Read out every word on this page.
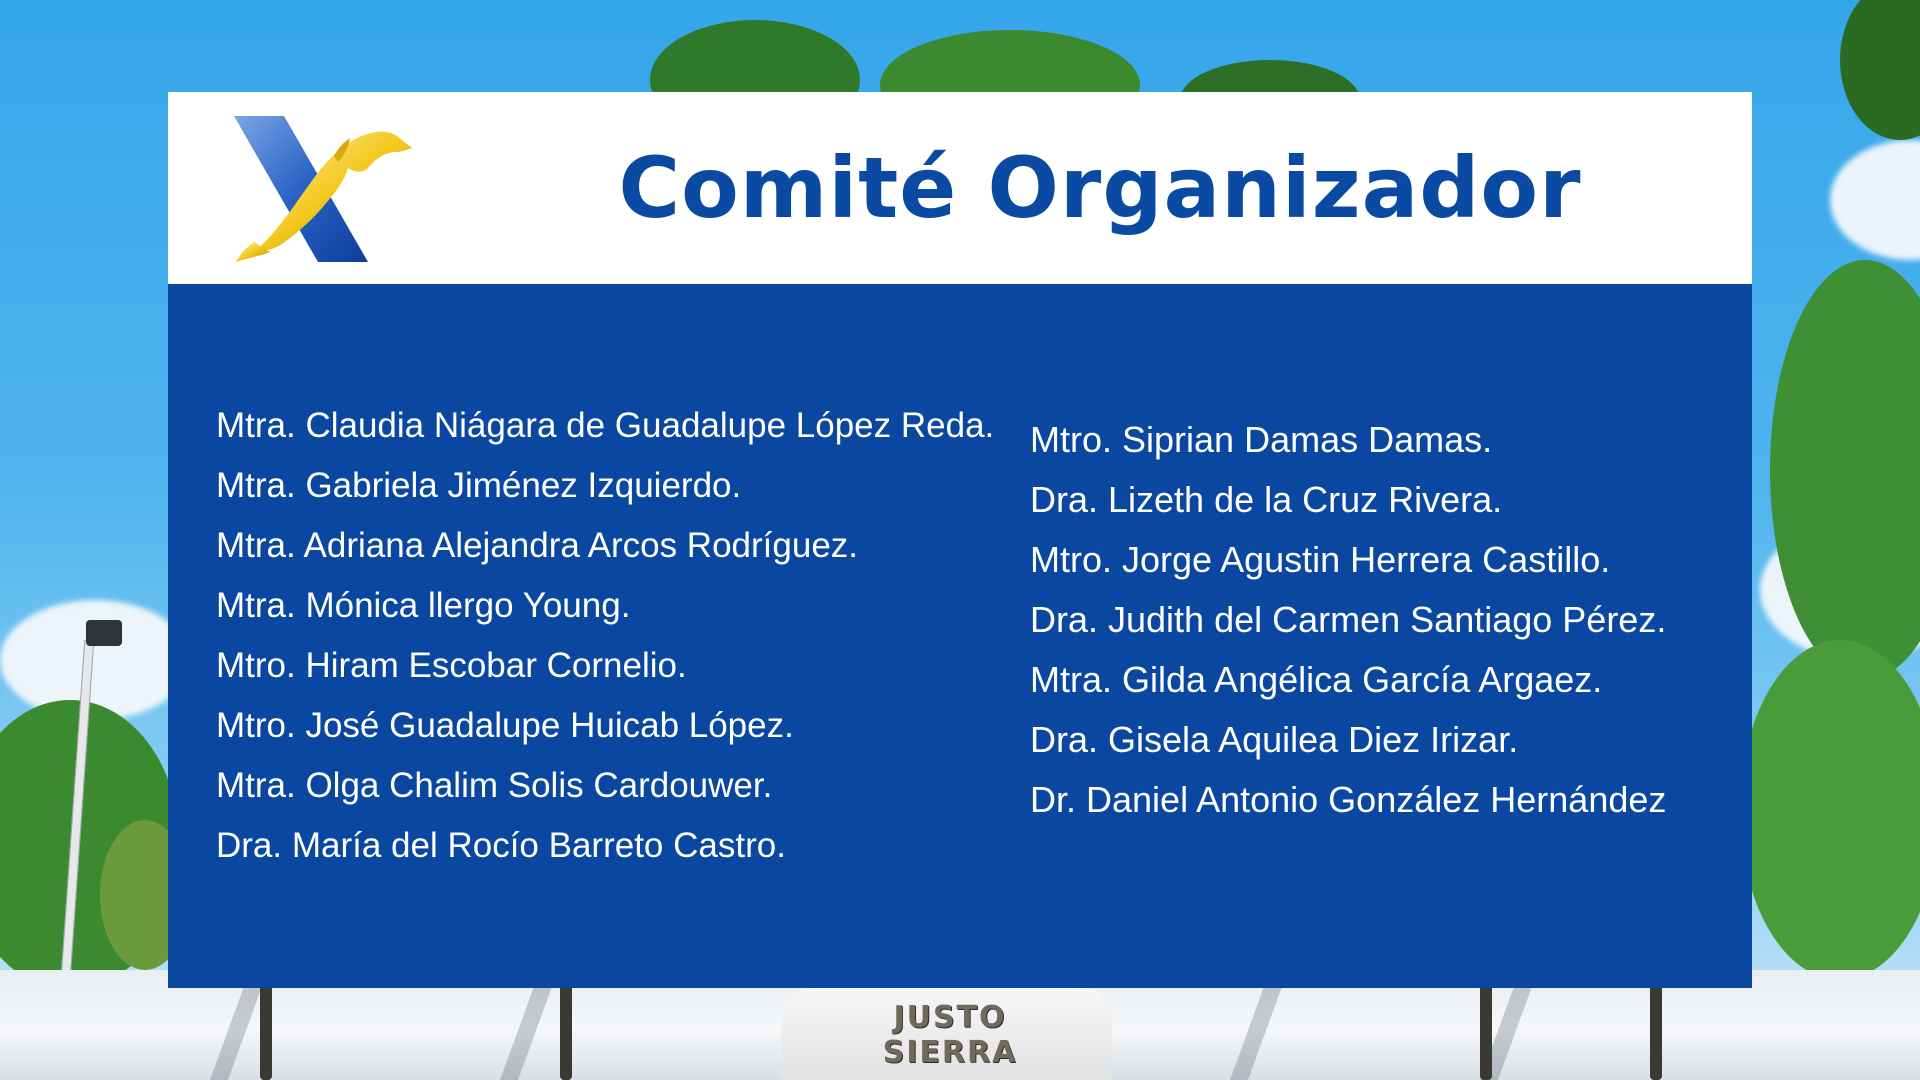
JUSTO SIERRA
Comité Organizador
Mtra. Claudia Niágara de Guadalupe López Reda.
Mtra. Gabriela Jiménez Izquierdo.
Mtra. Adriana Alejandra Arcos Rodríguez.
Mtra. Mónica llergo Young.
Mtro. Hiram Escobar Cornelio.
Mtro. José Guadalupe Huicab López.
Mtra. Olga Chalim Solis Cardouwer.
Dra. María del Rocío Barreto Castro.
Mtro. Siprian Damas Damas.
Dra. Lizeth de la Cruz Rivera.
Mtro. Jorge Agustin Herrera Castillo.
Dra. Judith del Carmen Santiago Pérez.
Mtra. Gilda Angélica García Argaez.
Dra. Gisela Aquilea Diez Irizar.
Dr. Daniel Antonio González Hernández
